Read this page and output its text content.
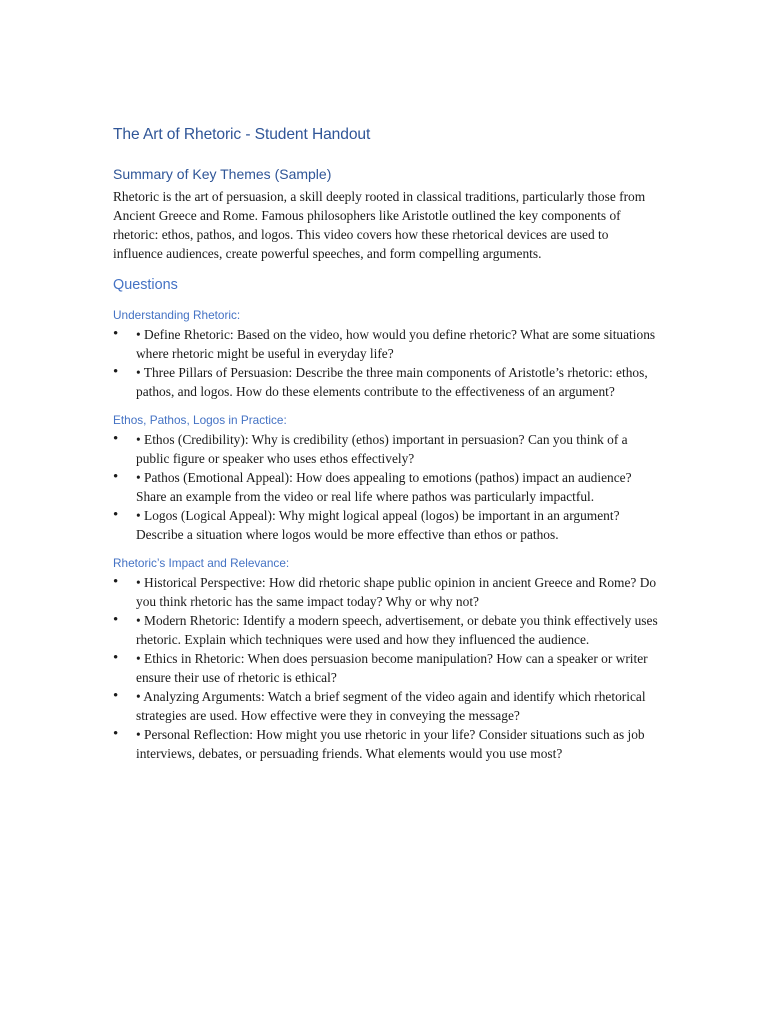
The Art of Rhetoric - Student Handout
Summary of Key Themes (Sample)
Rhetoric is the art of persuasion, a skill deeply rooted in classical traditions, particularly those from Ancient Greece and Rome. Famous philosophers like Aristotle outlined the key components of rhetoric: ethos, pathos, and logos. This video covers how these rhetorical devices are used to influence audiences, create powerful speeches, and form compelling arguments.
Questions
Understanding Rhetoric:
• • Define Rhetoric: Based on the video, how would you define rhetoric? What are some situations where rhetoric might be useful in everyday life?
• • Three Pillars of Persuasion: Describe the three main components of Aristotle’s rhetoric: ethos, pathos, and logos. How do these elements contribute to the effectiveness of an argument?
Ethos, Pathos, Logos in Practice:
• • Ethos (Credibility): Why is credibility (ethos) important in persuasion? Can you think of a public figure or speaker who uses ethos effectively?
• • Pathos (Emotional Appeal): How does appealing to emotions (pathos) impact an audience? Share an example from the video or real life where pathos was particularly impactful.
• • Logos (Logical Appeal): Why might logical appeal (logos) be important in an argument? Describe a situation where logos would be more effective than ethos or pathos.
Rhetoric’s Impact and Relevance:
• • Historical Perspective: How did rhetoric shape public opinion in ancient Greece and Rome? Do you think rhetoric has the same impact today? Why or why not?
• • Modern Rhetoric: Identify a modern speech, advertisement, or debate you think effectively uses rhetoric. Explain which techniques were used and how they influenced the audience.
• • Ethics in Rhetoric: When does persuasion become manipulation? How can a speaker or writer ensure their use of rhetoric is ethical?
• • Analyzing Arguments: Watch a brief segment of the video again and identify which rhetorical strategies are used. How effective were they in conveying the message?
• • Personal Reflection: How might you use rhetoric in your life? Consider situations such as job interviews, debates, or persuading friends. What elements would you use most?
